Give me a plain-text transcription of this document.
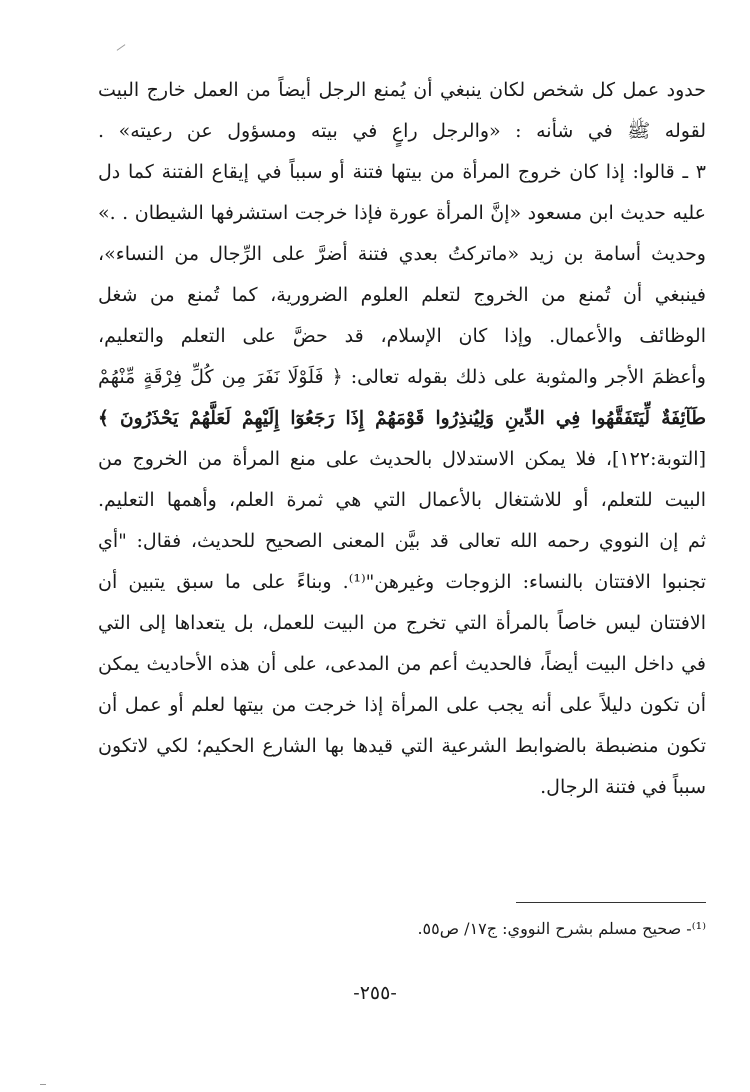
حدود عمل كل شخص لكان ينبغي أن يُمنع الرجل أيضاً من العمل خارج البيت
لقوله ﷺ في شأنه : «والرجل راعٍ في بيته ومسؤول عن رعيته» .
٣ ـ قالوا: إذا كان خروج المرأة من بيتها فتنة أو سبباً في إيقاع الفتنة كما دل
عليه حديث ابن مسعود «إنَّ المرأة عورة فإذا خرجت استشرفها الشيطان . .»
وحديث أسامة بن زيد «ماتركتُ بعدي فتنة أضرَّ على الرِّجال من النساء»،
فينبغي أن تُمنع من الخروج لتعلم العلوم الضرورية، كما تُمنع من شغل
الوظائف والأعمال. وإذا كان الإسلام، قد حضَّ على التعلم والتعليم،
وأعظمَ الأجر والمثوبة على ذلك بقوله تعالى: ﴿ فَلَوْلَا نَفَرَ مِن كُلِّ فِرْقَةٍ مِّنْهُمْ
طَآئِفَةٌ لِّيَتَفَقَّهُوا فِي الدِّينِ وَلِيُنذِرُوا قَوْمَهُمْ إِذَا رَجَعُوٓا إِلَيْهِمْ لَعَلَّهُمْ يَحْذَرُونَ ﴾
[التوبة:١٢٢]، فلا يمكن الاستدلال بالحديث على منع المرأة من الخروج من
البيت للتعلم، أو للاشتغال بالأعمال التي هي ثمرة العلم، وأهمها التعليم.
ثم إن النووي رحمه الله تعالى قد بيَّن المعنى الصحيح للحديث، فقال: "أي
تجنبوا الافتتان بالنساء: الزوجات وغيرهن"⁽¹⁾. وبناءً على ما سبق يتبين أن
الافتتان ليس خاصاً بالمرأة التي تخرج من البيت للعمل، بل يتعداها إلى التي
في داخل البيت أيضاً، فالحديث أعم من المدعى، على أن هذه الأحاديث يمكن
أن تكون دليلاً على أنه يجب على المرأة إذا خرجت من بيتها لعلم أو عمل أن
تكون منضبطة بالضوابط الشرعية التي قيدها بها الشارع الحكيم؛ لكي لاتكون
سبباً في فتنة الرجال.
⁽¹⁾- صحيح مسلم بشرح النووي: ج١٧/ ص٥٥.
-٢٥٥-
